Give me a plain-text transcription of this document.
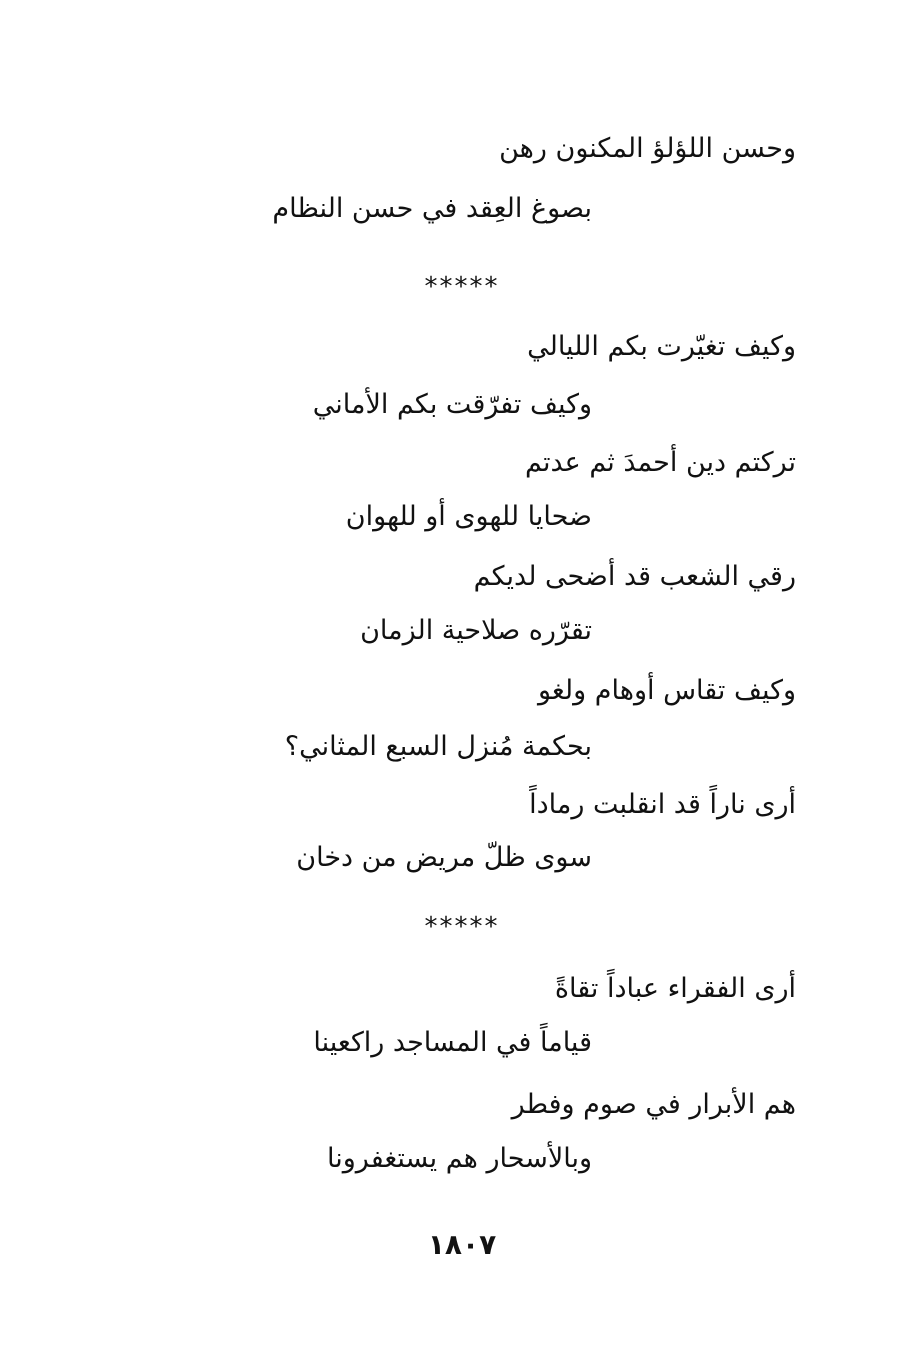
وحسن اللؤلؤ المكنون رهن
بصوغ العِقد في حسن النظام
*****
وكيف تغيّرت بكم الليالي
وكيف تفرّقت بكم الأماني
تركتم دين أحمدَ ثم عدتم
ضحايا للهوى أو للهوان
رقي الشعب قد أضحى لديكم
تقرّره صلاحية الزمان
وكيف تقاس أوهام ولغو
بحكمة مُنزل السبع المثاني؟
أرى ناراً قد انقلبت رماداً
سوى ظلّ مريض من دخان
*****
أرى الفقراء عباداً تقاةً
قياماً في المساجد راكعينا
هم الأبرار في صوم وفطر
وبالأسحار هم يستغفرونا
١٨٠٧
